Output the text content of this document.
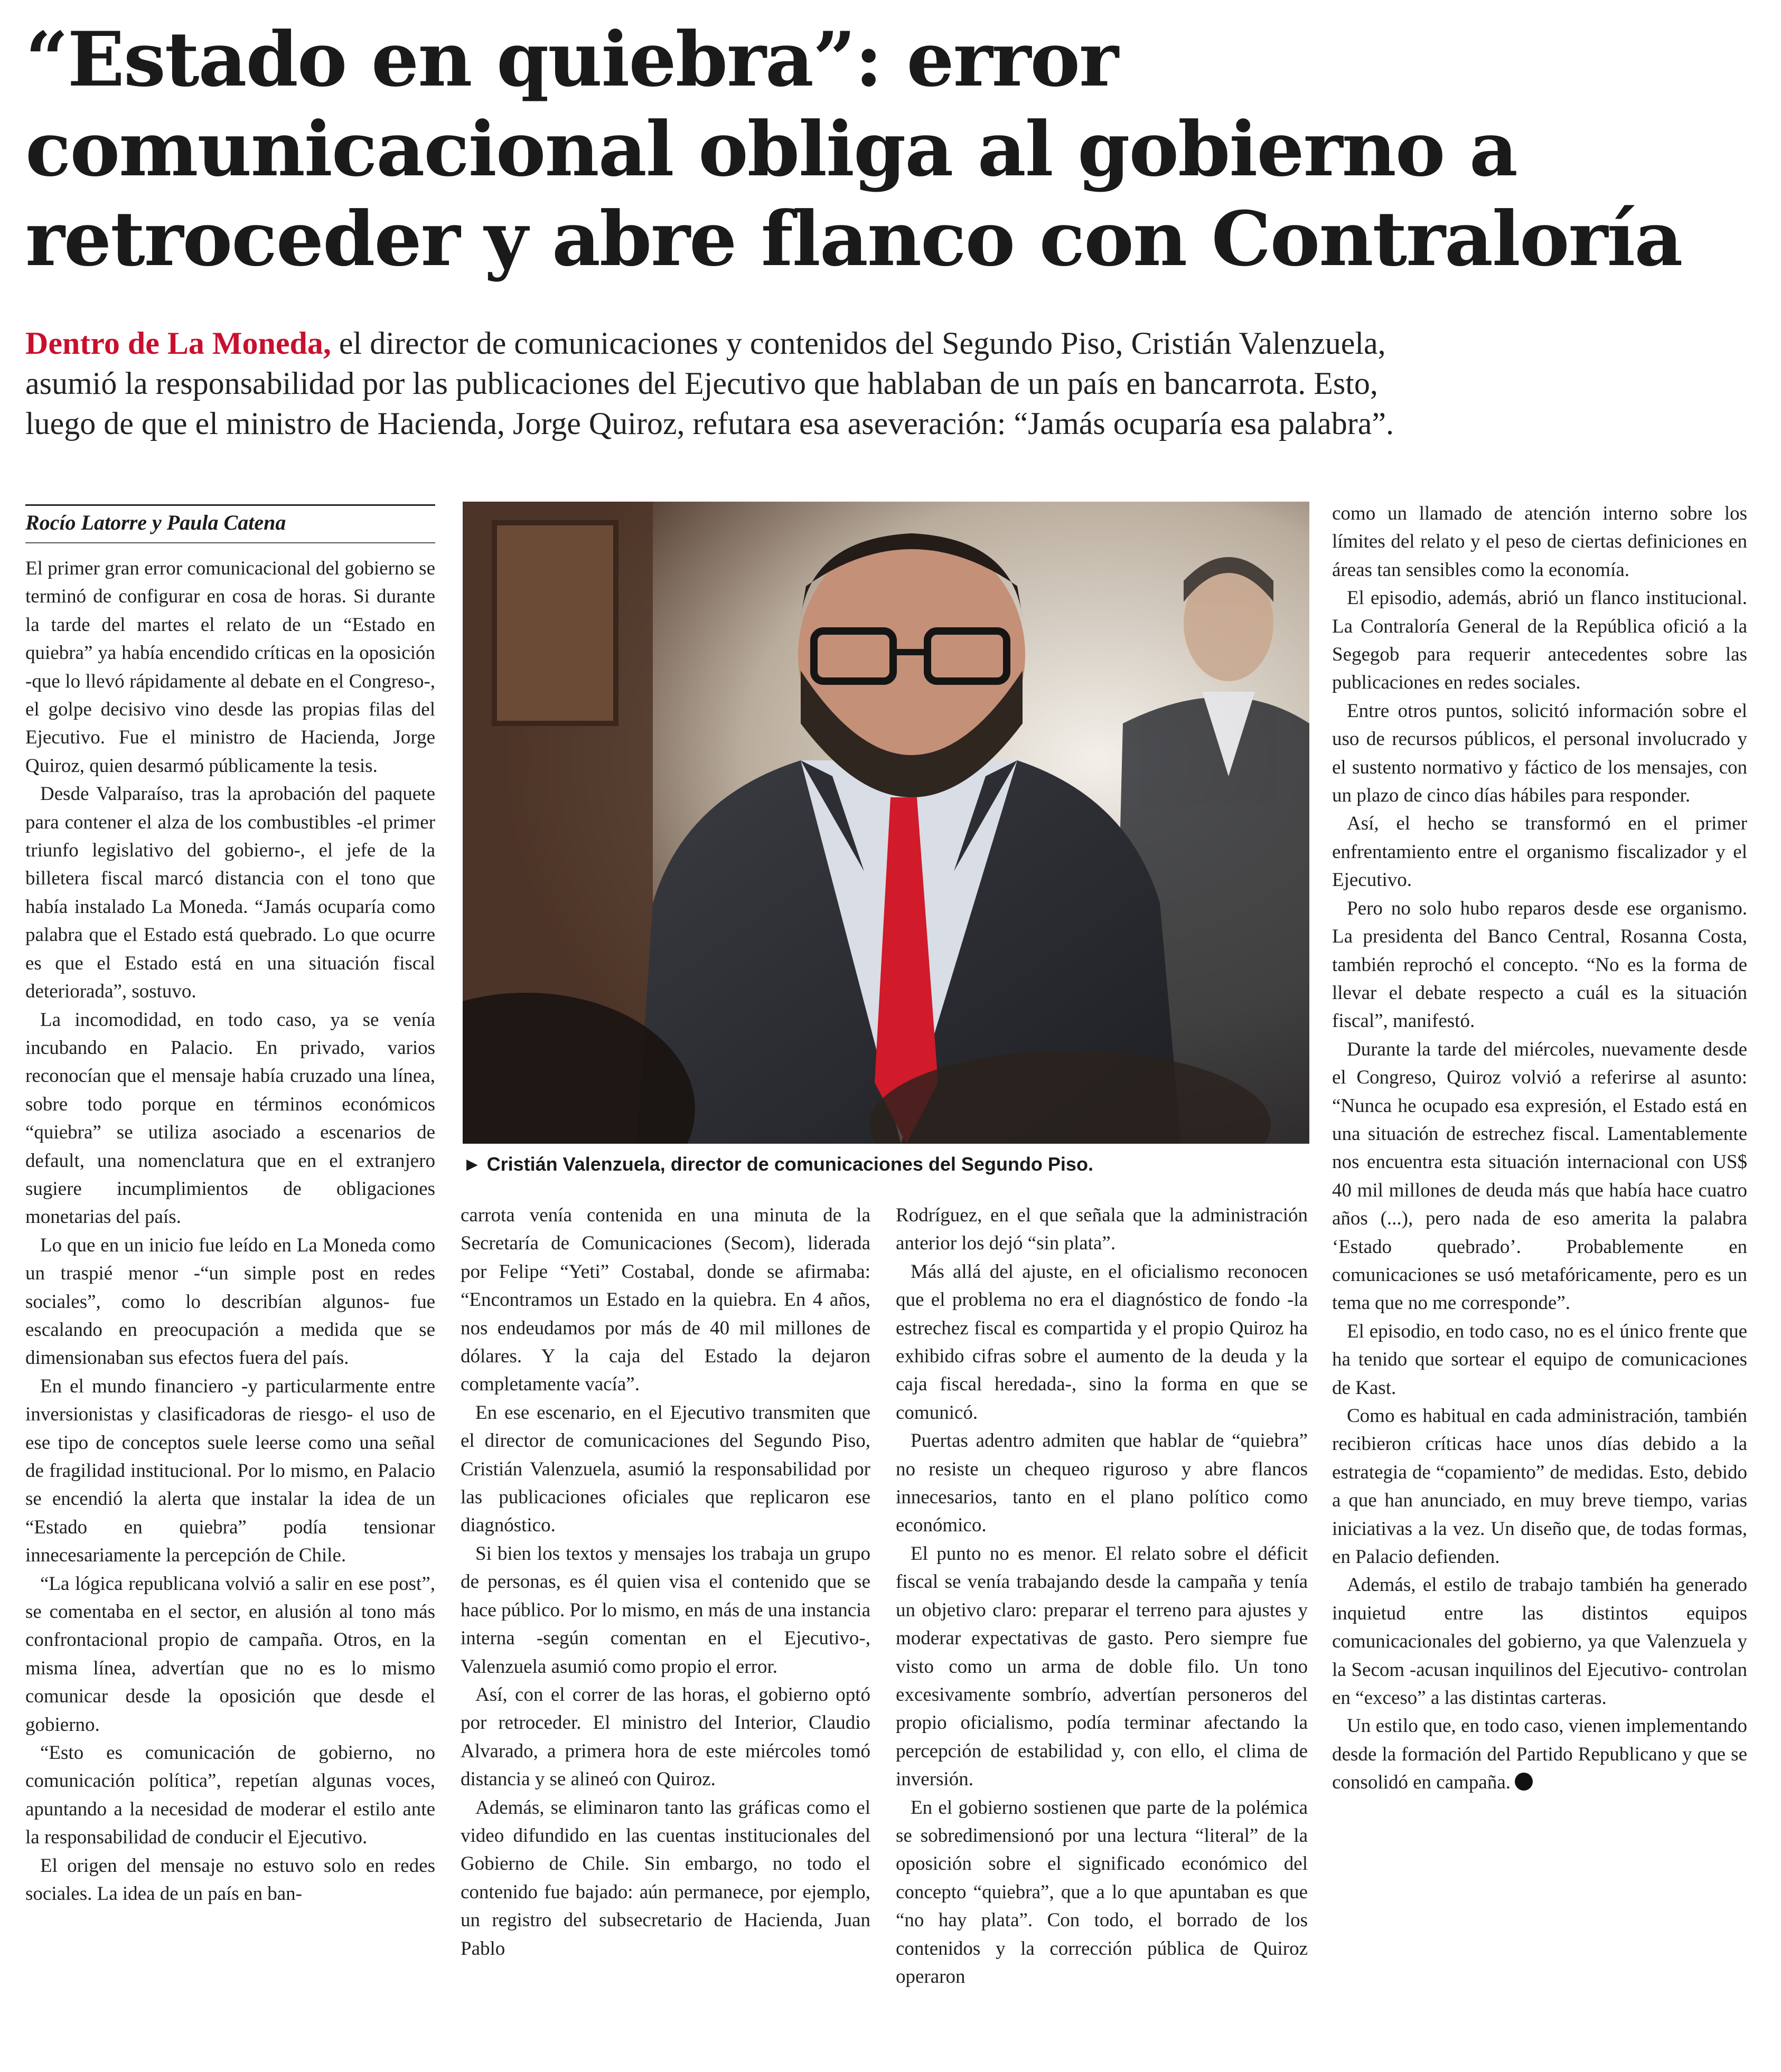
“Estado en quiebra”: error
comunicacional obliga al gobierno a
retroceder y abre flanco con Contraloría
Dentro de La Moneda, el director de comunicaciones y contenidos del Segundo Piso, Cristián Valenzuela,
asumió la responsabilidad por las publicaciones del Ejecutivo que hablaban de un país en bancarrota. Esto,
luego de que el ministro de Hacienda, Jorge Quiroz, refutara esa aseveración: “Jamás ocuparía esa palabra”.
Rocío Latorre y Paula Catena

El primer gran error comunicacional del gobierno se terminó de configurar en cosa de horas. Si durante la tarde del martes el relato de un “Estado en quiebra” ya había encendido críticas en la oposición -que lo llevó rápidamente al debate en el Congreso-, el golpe decisivo vino desde las propias filas del Ejecutivo. Fue el ministro de Hacienda, Jorge Quiroz, quien desarmó públicamente la tesis.

Desde Valparaíso, tras la aprobación del paquete para contener el alza de los combustibles -el primer triunfo legislativo del gobierno-, el jefe de la billetera fiscal marcó distancia con el tono que había instalado La Moneda. “Jamás ocuparía como palabra que el Estado está quebrado. Lo que ocurre es que el Estado está en una situación fiscal deteriorada”, sostuvo.

La incomodidad, en todo caso, ya se venía incubando en Palacio. En privado, varios reconocían que el mensaje había cruzado una línea, sobre todo porque en términos económicos “quiebra” se utiliza asociado a escenarios de default, una nomenclatura que en el extranjero sugiere incumplimientos de obligaciones monetarias del país.

Lo que en un inicio fue leído en La Moneda como un traspié menor -“un simple post en redes sociales”, como lo describían algunos- fue escalando en preocupación a medida que se dimensionaban sus efectos fuera del país.

En el mundo financiero -y particularmente entre inversionistas y clasificadoras de riesgo- el uso de ese tipo de conceptos suele leerse como una señal de fragilidad institucional. Por lo mismo, en Palacio se encendió la alerta que instalar la idea de un “Estado en quiebra” podía tensionar innecesariamente la percepción de Chile.

“La lógica republicana volvió a salir en ese post”, se comentaba en el sector, en alusión al tono más confrontacional propio de campaña. Otros, en la misma línea, advertían que no es lo mismo comunicar desde la oposición que desde el gobierno.

“Esto es comunicación de gobierno, no comunicación política”, repetían algunas voces, apuntando a la necesidad de moderar el estilo ante la responsabilidad de conducir el Ejecutivo.

El origen del mensaje no estuvo solo en redes sociales. La idea de un país en ban-

► Cristián Valenzuela, director de comunicaciones del Segundo Piso.

carrota venía contenida en una minuta de la Secretaría de Comunicaciones (Secom), liderada por Felipe “Yeti” Costabal, donde se afirmaba: “Encontramos un Estado en la quiebra. En 4 años, nos endeudamos por más de 40 mil millones de dólares. Y la caja del Estado la dejaron completamente vacía”.

En ese escenario, en el Ejecutivo transmiten que el director de comunicaciones del Segundo Piso, Cristián Valenzuela, asumió la responsabilidad por las publicaciones oficiales que replicaron ese diagnóstico.

Si bien los textos y mensajes los trabaja un grupo de personas, es él quien visa el contenido que se hace público. Por lo mismo, en más de una instancia interna -según comentan en el Ejecutivo-, Valenzuela asumió como propio el error.

Así, con el correr de las horas, el gobierno optó por retroceder. El ministro del Interior, Claudio Alvarado, a primera hora de este miércoles tomó distancia y se alineó con Quiroz.

Además, se eliminaron tanto las gráficas como el video difundido en las cuentas institucionales del Gobierno de Chile. Sin embargo, no todo el contenido fue bajado: aún permanece, por ejemplo, un registro del subsecretario de Hacienda, Juan Pablo

Rodríguez, en el que señala que la administración anterior los dejó “sin plata”.

Más allá del ajuste, en el oficialismo reconocen que el problema no era el diagnóstico de fondo -la estrechez fiscal es compartida y el propio Quiroz ha exhibido cifras sobre el aumento de la deuda y la caja fiscal heredada-, sino la forma en que se comunicó.

Puertas adentro admiten que hablar de “quiebra” no resiste un chequeo riguroso y abre flancos innecesarios, tanto en el plano político como económico.

El punto no es menor. El relato sobre el déficit fiscal se venía trabajando desde la campaña y tenía un objetivo claro: preparar el terreno para ajustes y moderar expectativas de gasto. Pero siempre fue visto como un arma de doble filo. Un tono excesivamente sombrío, advertían personeros del propio oficialismo, podía terminar afectando la percepción de estabilidad y, con ello, el clima de inversión.

En el gobierno sostienen que parte de la polémica se sobredimensionó por una lectura “literal” de la oposición sobre el significado económico del concepto “quiebra”, que a lo que apuntaban es que “no hay plata”. Con todo, el borrado de los contenidos y la corrección pública de Quiroz operaron

como un llamado de atención interno sobre los límites del relato y el peso de ciertas definiciones en áreas tan sensibles como la economía.

El episodio, además, abrió un flanco institucional. La Contraloría General de la República ofició a la Segegob para requerir antecedentes sobre las publicaciones en redes sociales.

Entre otros puntos, solicitó información sobre el uso de recursos públicos, el personal involucrado y el sustento normativo y fáctico de los mensajes, con un plazo de cinco días hábiles para responder.

Así, el hecho se transformó en el primer enfrentamiento entre el organismo fiscalizador y el Ejecutivo.

Pero no solo hubo reparos desde ese organismo. La presidenta del Banco Central, Rosanna Costa, también reprochó el concepto. “No es la forma de llevar el debate respecto a cuál es la situación fiscal”, manifestó.

Durante la tarde del miércoles, nuevamente desde el Congreso, Quiroz volvió a referirse al asunto: “Nunca he ocupado esa expresión, el Estado está en una situación de estrechez fiscal. Lamentablemente nos encuentra esta situación internacional con US$ 40 mil millones de deuda más que había hace cuatro años (...), pero nada de eso amerita la palabra ‘Estado quebrado’. Probablemente en comunicaciones se usó metafóricamente, pero es un tema que no me corresponde”.

El episodio, en todo caso, no es el único frente que ha tenido que sortear el equipo de comunicaciones de Kast.

Como es habitual en cada administración, también recibieron críticas hace unos días debido a la estrategia de “copamiento” de medidas. Esto, debido a que han anunciado, en muy breve tiempo, varias iniciativas a la vez. Un diseño que, de todas formas, en Palacio defienden.

Además, el estilo de trabajo también ha generado inquietud entre las distintos equipos comunicacionales del gobierno, ya que Valenzuela y la Secom -acusan inquilinos del Ejecutivo- controlan en “exceso” a las distintas carteras.

Un estilo que, en todo caso, vienen implementando desde la formación del Partido Republicano y que se consolidó en campaña.
